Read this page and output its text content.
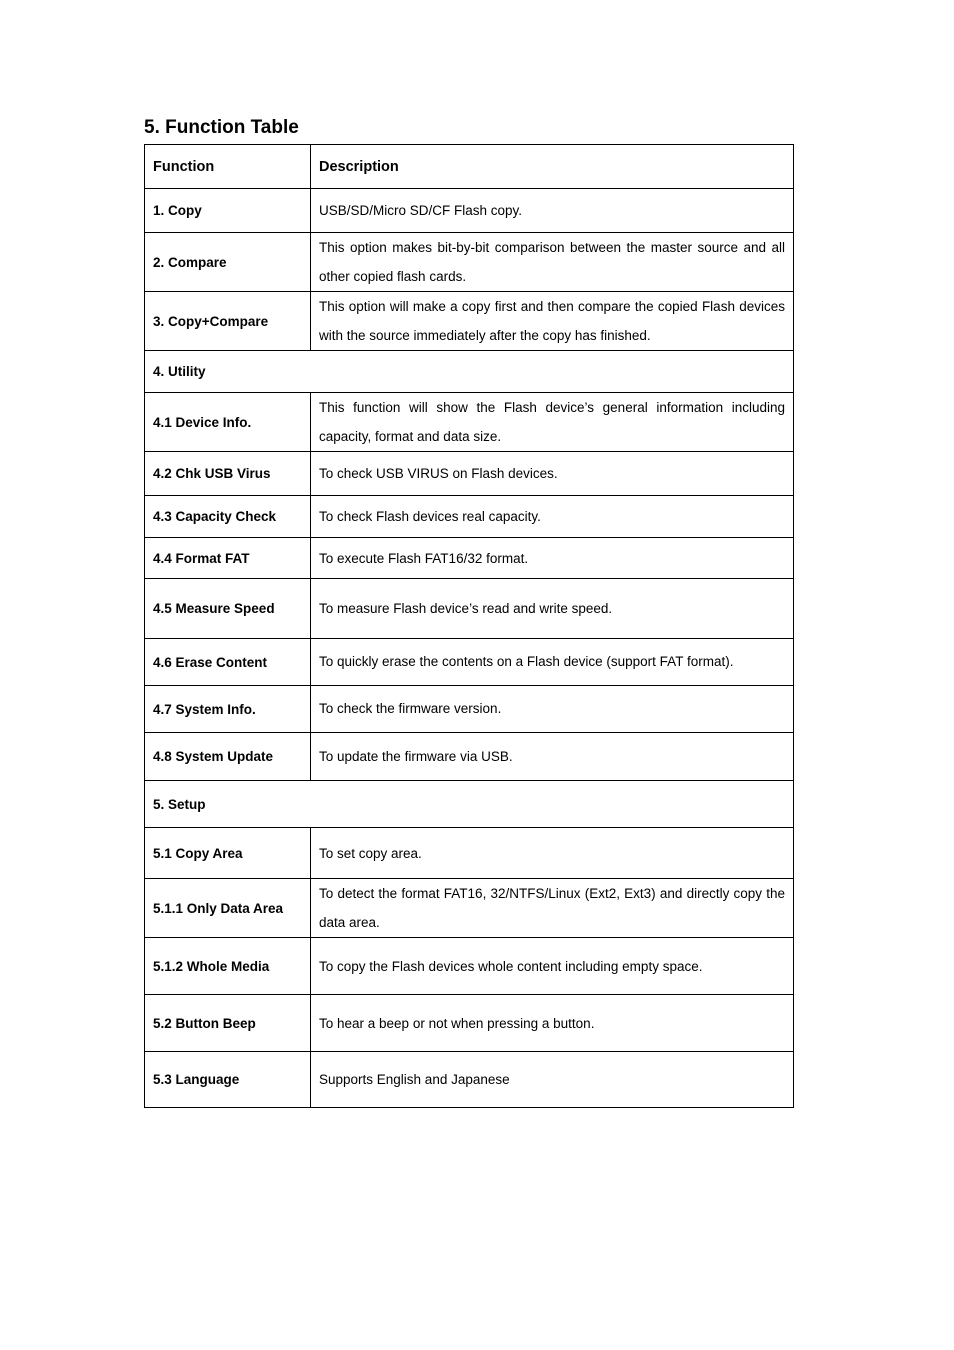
5. Function Table
Function	Description
1. Copy	USB/SD/Micro SD/CF Flash copy.
2. Compare	This option makes bit-by-bit comparison between the master source and all other copied flash cards.
3. Copy+Compare	This option will make a copy first and then compare the copied Flash devices with the source immediately after the copy has finished.
4. Utility	
4.1 Device Info.	This function will show the Flash device’s general information including capacity, format and data size.
4.2 Chk USB Virus	To check USB VIRUS on Flash devices.
4.3 Capacity Check	To check Flash devices real capacity.
4.4 Format FAT	To execute Flash FAT16/32 format.
4.5 Measure Speed	To measure Flash device’s read and write speed.
4.6 Erase Content	To quickly erase the contents on a Flash device (support FAT format).
4.7 System Info.	To check the firmware version.
4.8 System Update	To update the firmware via USB.
5. Setup	
5.1 Copy Area	To set copy area.
5.1.1 Only Data Area	To detect the format FAT16, 32/NTFS/Linux (Ext2, Ext3) and directly copy the data area.
5.1.2 Whole Media	To copy the Flash devices whole content including empty space.
5.2 Button Beep	To hear a beep or not when pressing a button.
5.3 Language	Supports English and Japanese
